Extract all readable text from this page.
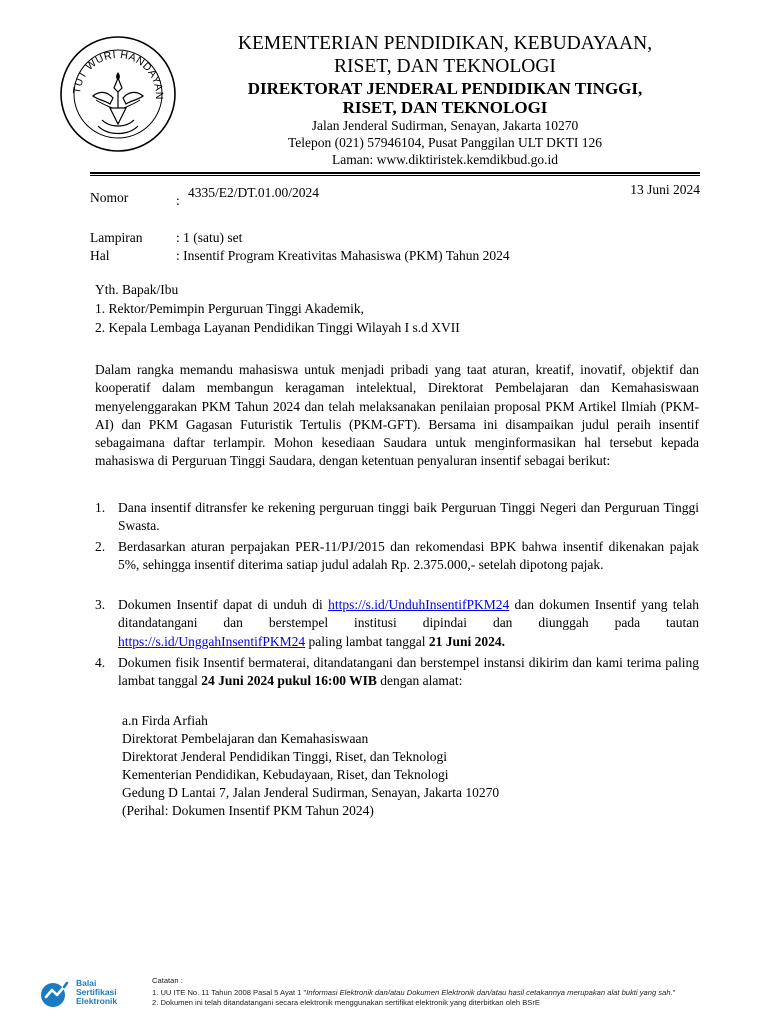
TUT WURI HANDAYAN
KEMENTERIAN PENDIDIKAN, KEBUDAYAAN,
RISET, DAN TEKNOLOGI
DIREKTORAT JENDERAL PENDIDIKAN TINGGI,
RISET, DAN TEKNOLOGI
Jalan Jenderal Sudirman, Senayan, Jakarta 10270
Telepon (021) 57946104, Pusat Panggilan ULT DKTI 126
Laman: www.diktiristek.kemdikbud.go.id
Nomor	:
4335/E2/DT.01.00/2024	13 Juni 2024
Lampiran : 1 (satu) set
Hal	: Insentif Program Kreativitas Mahasiswa (PKM) Tahun 2024
Yth. Bapak/Ibu
1. Rektor/Pemimpin Perguruan Tinggi Akademik,
2. Kepala Lembaga Layanan Pendidikan Tinggi Wilayah I s.d XVII
Dalam rangka memandu mahasiswa untuk menjadi pribadi yang taat aturan, kreatif, inovatif, objektif dan kooperatif dalam membangun keragaman intelektual, Direktorat Pembelajaran dan Kemahasiswaan menyelenggarakan PKM Tahun 2024 dan telah melaksanakan penilaian proposal PKM Artikel Ilmiah (PKM-AI) dan PKM Gagasan Futuristik Tertulis (PKM-GFT). Bersama ini disampaikan judul peraih insentif sebagaimana daftar terlampir. Mohon kesediaan Saudara untuk menginformasikan hal tersebut kepada mahasiswa di Perguruan Tinggi Saudara, dengan ketentuan penyaluran insentif sebagai berikut:
1. Dana insentif ditransfer ke rekening perguruan tinggi baik Perguruan Tinggi Negeri dan Perguruan Tinggi Swasta.
2. Berdasarkan aturan perpajakan PER-11/PJ/2015 dan rekomendasi BPK bahwa insentif dikenakan pajak 5%, sehingga insentif diterima satiap judul adalah Rp. 2.375.000,- setelah dipotong pajak.
3. Dokumen Insentif dapat di unduh di https://s.id/UnduhInsentifPKM24 dan dokumen Insentif yang telah ditandatangani dan berstempel institusi dipindai dan diunggah pada tautan https://s.id/UnggahInsentifPKM24 paling lambat tanggal 21 Juni 2024.
4. Dokumen fisik Insentif bermaterai, ditandatangani dan berstempel instansi dikirim dan kami terima paling lambat tanggal 24 Juni 2024 pukul 16:00 WIB dengan alamat:
a.n Firda Arfiah
Direktorat Pembelajaran dan Kemahasiswaan
Direktorat Jenderal Pendidikan Tinggi, Riset, dan Teknologi
Kementerian Pendidikan, Kebudayaan, Riset, dan Teknologi
Gedung D Lantai 7, Jalan Jenderal Sudirman, Senayan, Jakarta 10270
(Perihal: Dokumen Insentif PKM Tahun 2024)
Balai
Sertifikasi
Elektronik
Catatan :
1. UU ITE No. 11 Tahun 2008 Pasal 5 Ayat 1 "Informasi Elektronik dan/atau Dokumen Elektronik dan/atau hasil cetakannya merupakan alat bukti yang sah."
2. Dokumen ini telah ditandatangani secara elektronik menggunakan sertifikat elektronik yang diterbitkan oleh BSrE
